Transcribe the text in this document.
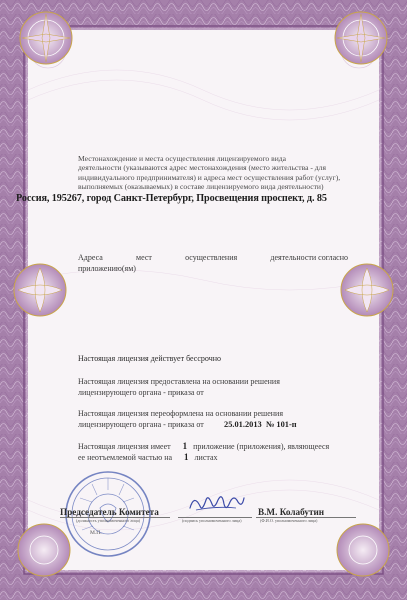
Местонахождение и места осуществления лицензируемого вида
деятельности (указываются адрес местонахождения (место жительства - для
индивидуального предпринимателя) и адреса мест осуществления работ (услуг),
выполняемых (оказываемых) в составе лицензируемого вида деятельности)
Россия, 195267, город Санкт-Петербург, Просвещения проспект, д. 85
Адреса	мест	осуществления	деятельности согласно
приложению(ям)
Настоящая лицензия действует бессрочно
Настоящая лицензия предоставлена на основании решения
лицензирующего органа - приказа от
Настоящая лицензия переоформлена на основании решения
лицензирующего органа - приказа от	25.01.2013 № 101-п
Настоящая лицензия имеет 1 приложение (приложения), являющееся
ее неотъемлемой частью на 1 листах
Председатель Комитета	В.М. Колабутин
(должность уполномоченного лица)	(подпись уполномоченного лица)	(Ф.И.О. уполномоченного лица)
М.П.
